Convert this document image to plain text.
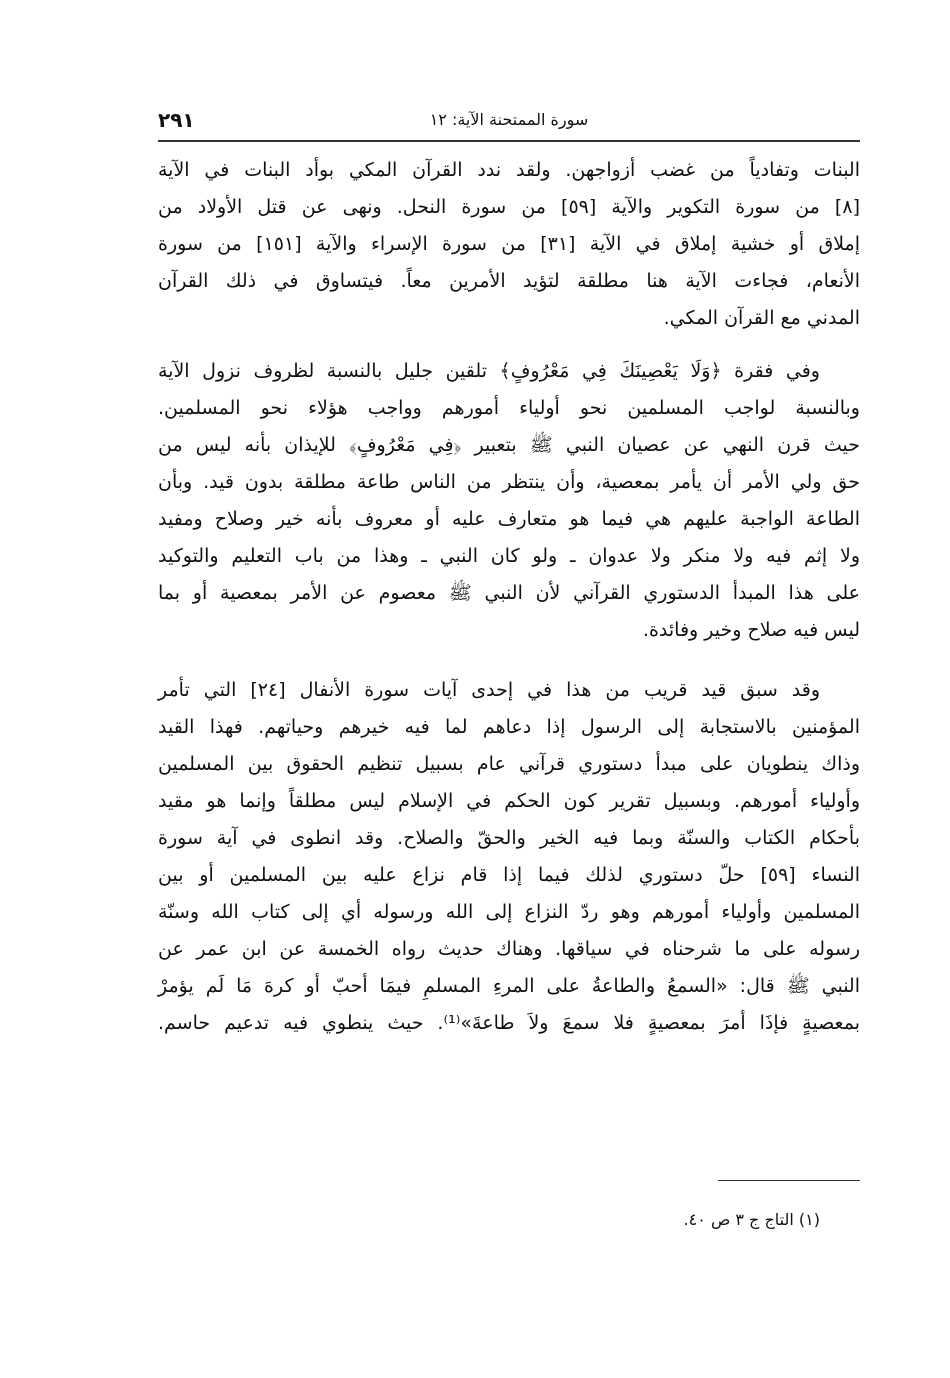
سورة الممتحنة الآية: ١٢
٢٩١
البنات وتفادياً من غضب أزواجهن. ولقد ندد القرآن المكي بوأد البنات في الآية
[٨] من سورة التكوير والآية [٥٩] من سورة النحل. ونهى عن قتل الأولاد من
إملاق أو خشية إملاق في الآية [٣١] من سورة الإسراء والآية [١٥١] من سورة
الأنعام، فجاءت الآية هنا مطلقة لتؤيد الأمرين معاً. فيتساوق في ذلك القرآن
المدني مع القرآن المكي.
وفي فقرة ﴿وَلَا يَعْصِينَكَ فِي مَعْرُوفٍ﴾ تلقين جليل بالنسبة لظروف نزول الآية
وبالنسبة لواجب المسلمين نحو أولياء أمورهم وواجب هؤلاء نحو المسلمين.
حيث قرن النهي عن عصيان النبي ﷺ بتعبير ﴿فِي مَعْرُوفٍ﴾ للإيذان بأنه ليس من
حق ولي الأمر أن يأمر بمعصية، وأن ينتظر من الناس طاعة مطلقة بدون قيد. وبأن
الطاعة الواجبة عليهم هي فيما هو متعارف عليه أو معروف بأنه خير وصلاح ومفيد
ولا إثم فيه ولا منكر ولا عدوان ـ ولو كان النبي ـ وهذا من باب التعليم والتوكيد
على هذا المبدأ الدستوري القرآني لأن النبي ﷺ معصوم عن الأمر بمعصية أو بما
ليس فيه صلاح وخير وفائدة.
وقد سبق قيد قريب من هذا في إحدى آيات سورة الأنفال [٢٤] التي تأمر
المؤمنين بالاستجابة إلى الرسول إذا دعاهم لما فيه خيرهم وحياتهم. فهذا القيد
وذاك ينطويان على مبدأ دستوري قرآني عام بسبيل تنظيم الحقوق بين المسلمين
وأولياء أمورهم. وبسبيل تقرير كون الحكم في الإسلام ليس مطلقاً وإنما هو مقيد
بأحكام الكتاب والسنّة وبما فيه الخير والحقّ والصلاح. وقد انطوى في آية سورة
النساء [٥٩] حلّ دستوري لذلك فيما إذا قام نزاع عليه بين المسلمين أو بين
المسلمين وأولياء أمورهم وهو ردّ النزاع إلى الله ورسوله أي إلى كتاب الله وسنّة
رسوله على ما شرحناه في سياقها. وهناك حديث رواه الخمسة عن ابن عمر عن
النبي ﷺ قال: «السمعُ والطاعةُ على المرءِ المسلمِ فيمَا أحبّ أو كرهَ مَا لَم يؤمرْ
بمعصيةٍ فإذَا أمرَ بمعصيةٍ فلا سمعَ ولاَ طاعةَ»⁽¹⁾. حيث ينطوي فيه تدعيم حاسم.
(١) التاج ج ٣ ص ٤٠.
